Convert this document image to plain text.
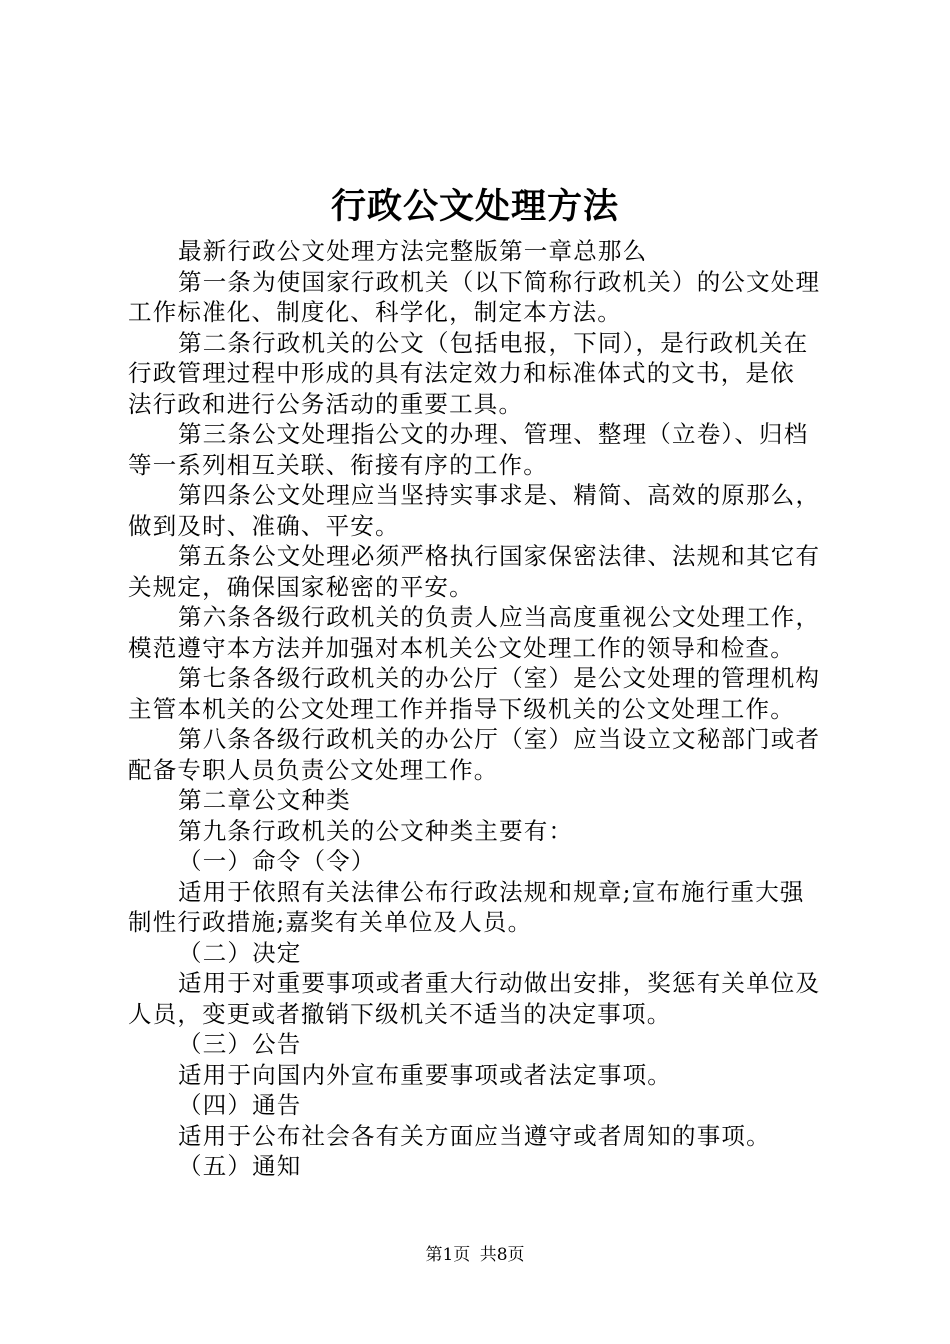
行政公文处理方法

最新行政公文处理方法完整版第一章总那么

第一条为使国家行政机关（以下简称行政机关）的公文处理

工作标准化、制度化、科学化，制定本方法。

第二条行政机关的公文（包括电报，下同），是行政机关在

行政管理过程中形成的具有法定效力和标准体式的文书，是依

法行政和进行公务活动的重要工具。

第三条公文处理指公文的办理、管理、整理（立卷）、归档

等一系列相互关联、衔接有序的工作。

第四条公文处理应当坚持实事求是、精简、高效的原那么，

做到及时、准确、平安。

第五条公文处理必须严格执行国家保密法律、法规和其它有

关规定，确保国家秘密的平安。

第六条各级行政机关的负责人应当高度重视公文处理工作，

模范遵守本方法并加强对本机关公文处理工作的领导和检查。

第七条各级行政机关的办公厅（室）是公文处理的管理机构

主管本机关的公文处理工作并指导下级机关的公文处理工作。

第八条各级行政机关的办公厅（室）应当设立文秘部门或者

配备专职人员负责公文处理工作。

第二章公文种类

第九条行政机关的公文种类主要有：

（一）命令（令）

适用于依照有关法律公布行政法规和规章;宣布施行重大强

制性行政措施;嘉奖有关单位及人员。

（二）决定

适用于对重要事项或者重大行动做出安排，奖惩有关单位及

人员，变更或者撤销下级机关不适当的决定事项。

（三）公告

适用于向国内外宣布重要事项或者法定事项。

（四）通告

适用于公布社会各有关方面应当遵守或者周知的事项。

（五）通知

第1页 共8页
